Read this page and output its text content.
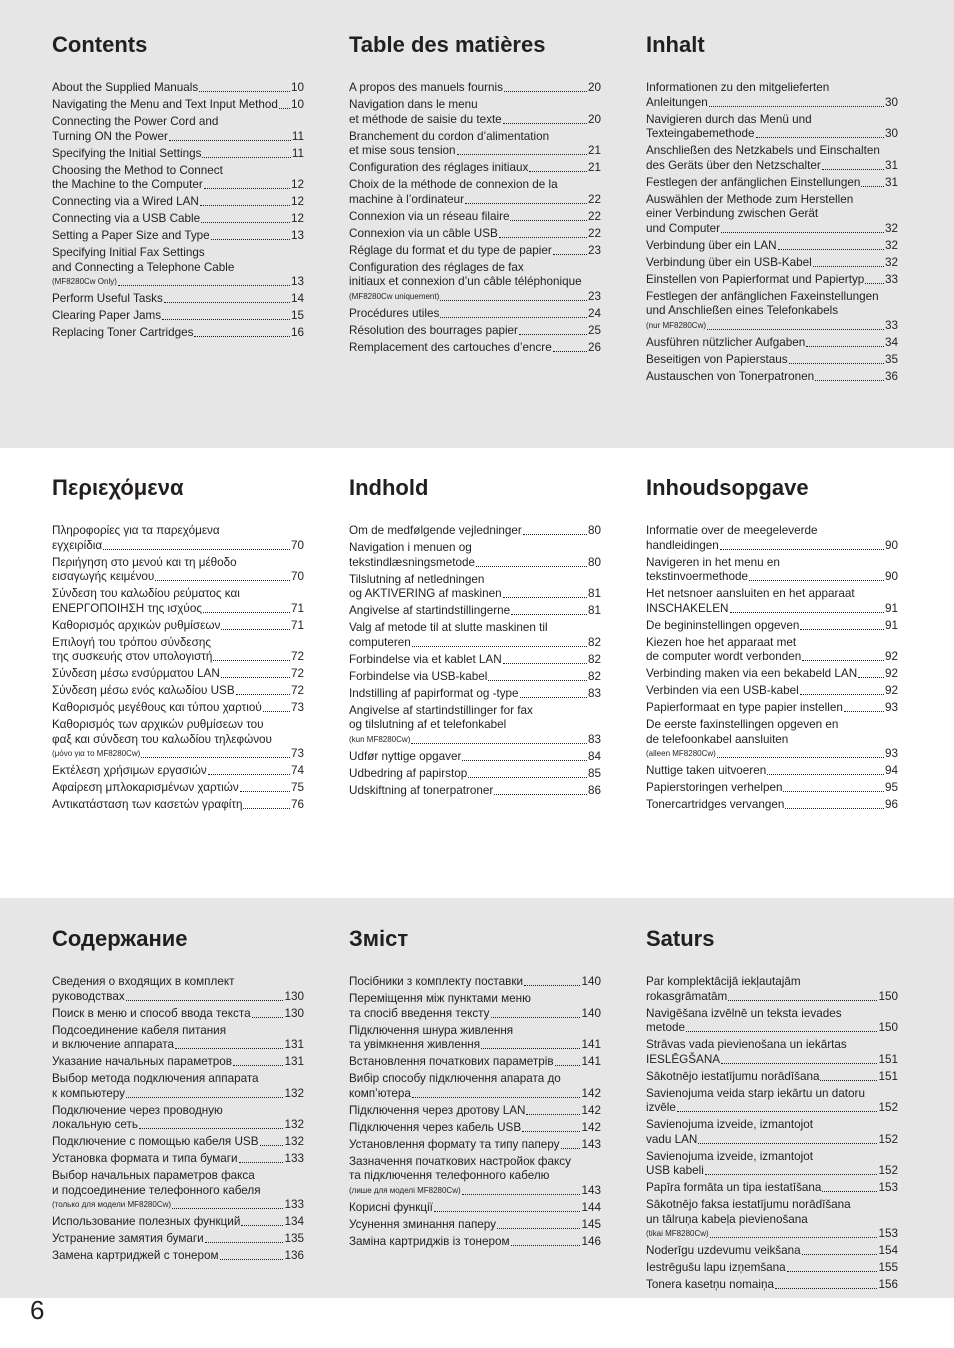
Contents
About the Supplied Manuals	10
Navigating the Menu and Text Input Method 10
Connecting the Power Cord and
Turning ON the Power	11
Specifying the Initial Settings	11
Choosing the Method to Connect
the Machine to the Computer	12
Connecting via a Wired LAN	12
Connecting via a USB Cable	12
Setting a Paper Size and Type	13
Specifying Initial Fax Settings
and Connecting a Telephone Cable
(MF8280Cw Only)	13
Perform Useful Tasks	14
Clearing Paper Jams	15
Replacing Toner Cartridges	16
Table des matières
A propos des manuels fournis	20
Navigation dans le menu
et méthode de saisie du texte	20
Branchement du cordon d’alimentation
et mise sous tension	21
Configuration des réglages initiaux	21
Choix de la méthode de connexion de la
machine à l’ordinateur	22
Connexion via un réseau filaire	22
Connexion via un câble USB	22
Réglage du format et du type de papier	23
Configuration des réglages de fax
initiaux et connexion d’un câble téléphonique
(MF8280Cw uniquement)	23
Procédures utiles	24
Résolution des bourrages papier	25
Remplacement des cartouches d’encre	26
Inhalt
Informationen zu den mitgelieferten
Anleitungen	30
Navigieren durch das Menü und
Texteingabemethode	30
Anschließen des Netzkabels und Einschalten
des Geräts über den Netzschalter	31
Festlegen der anfänglichen Einstellungen 31
Auswählen der Methode zum Herstellen
einer Verbindung zwischen Gerät
und Computer	32
Verbindung über ein LAN	32
Verbindung über ein USB-Kabel	32
Einstellen von Papierformat und Papiertyp 33
Festlegen der anfänglichen Faxeinstellungen
und Anschließen eines Telefonkabels
(nur MF8280Cw)	33
Ausführen nützlicher Aufgaben	34
Beseitigen von Papierstaus	35
Austauschen von Tonerpatronen	36
Περιεχόμενα
Πληροφορίες για τα παρεχόμενα
εγχειρίδια	70
Περιήγηση στο μενού και τη μέθοδο
εισαγωγής κειμένου	70
Σύνδεση του καλωδίου ρεύματος και
ΕΝΕΡΓΟΠΟΙΗΣΗ της ισχύος	71
Καθορισμός αρχικών ρυθμίσεων	71
Επιλογή του τρόπου σύνδεσης
της συσκευής στον υπολογιστή	72
Σύνδεση μέσω ενσύρματου LAN	72
Σύνδεση μέσω ενός καλωδίου USB	72
Καθορισμός μεγέθους και τύπου χαρτιού 73
Καθορισμός των αρχικών ρυθμίσεων του
φαξ και σύνδεση του καλωδίου τηλεφώνου
(μόνο για το MF8280Cw)	73
Εκτέλεση χρήσιμων εργασιών	74
Αφαίρεση μπλοκαρισμένων χαρτιών	75
Αντικατάσταση των κασετών γραφίτη	76
Indhold
Om de medfølgende vejledninger	80
Navigation i menuen og
tekstindlæsningsmetode	80
Tilslutning af netledningen
og AKTIVERING af maskinen	81
Angivelse af startindstillingerne	81
Valg af metode til at slutte maskinen til
computeren	82
Forbindelse via et kablet LAN	82
Forbindelse via USB-kabel	82
Indstilling af papirformat og -type	83
Angivelse af startindstillinger for fax
og tilslutning af et telefonkabel
(kun MF8280Cw)	83
Udfør nyttige opgaver	84
Udbedring af papirstop	85
Udskiftning af tonerpatroner	86
Inhoudsopgave
Informatie over de meegeleverde
handleidingen	90
Navigeren in het menu en
tekstinvoermethode	90
Het netsnoer aansluiten en het apparaat
INSCHAKELEN	91
De begininstellingen opgeven	91
Kiezen hoe het apparaat met
de computer wordt verbonden	92
Verbinding maken via een bekabeld LAN 92
Verbinden via een USB-kabel	92
Papierformaat en type papier instellen	93
De eerste faxinstellingen opgeven en
de telefoonkabel aansluiten
(alleen MF8280Cw)	93
Nuttige taken uitvoeren	94
Papierstoringen verhelpen	95
Tonercartridges vervangen	96
Содержание
Сведения о входящих в комплект
руководствах	130
Поиск в меню и способ ввода текста	130
Подсоединение кабеля питания
и включение аппарата	131
Указание начальных параметров	131
Выбор метода подключения аппарата
к компьютеру	132
Подключение через проводную
локальную сеть	132
Подключение с помощью кабеля USB 132
Установка формата и типа бумаги	133
Выбор начальных параметров факса
и подсоединение телефонного кабеля
(только для модели MF8280Cw)	133
Использование полезных функций	134
Устранение замятия бумаги	135
Замена картриджей с тонером	136
Зміст
Посібники з комплекту поставки	140
Переміщення між пунктами меню
та спосіб введення тексту	140
Підключення шнура живлення
та увімкнення живлення	141
Встановлення початкових параметрів 141
Вибір способу підключення апарата до
комп’ютера	142
Підключення через дротову LAN	142
Підключення через кабель USB	142
Установлення формату та типу паперу 143
Зазначення початкових настройок факсу
та підключення телефонного кабелю
(лише для моделі MF8280Cw)	143
Корисні функції	144
Усунення зминання паперу	145
Заміна картриджів із тонером	146
Saturs
Par komplektācijā iekļautajām
rokasgrāmatām	150
Navigēšana izvēlnē un teksta ievades
metode	150
Strāvas vada pievienošana un iekārtas
IESLĒGŠANA	151
Sākotnējo iestatījumu norādīšana	151
Savienojuma veida starp iekārtu un datoru
izvēle	152
Savienojuma izveide, izmantojot
vadu LAN	152
Savienojuma izveide, izmantojot
USB kabeli	152
Papīra formāta un tipa iestatīšana	153
Sākotnējo faksa iestatījumu norādīšana
un tālruņa kabeļa pievienošana
(tikai MF8280Cw)	153
Noderīgu uzdevumu veikšana	154
Iestrēgušu lapu izņemšana	155
Tonera kasetņu nomaiņa	156
6
